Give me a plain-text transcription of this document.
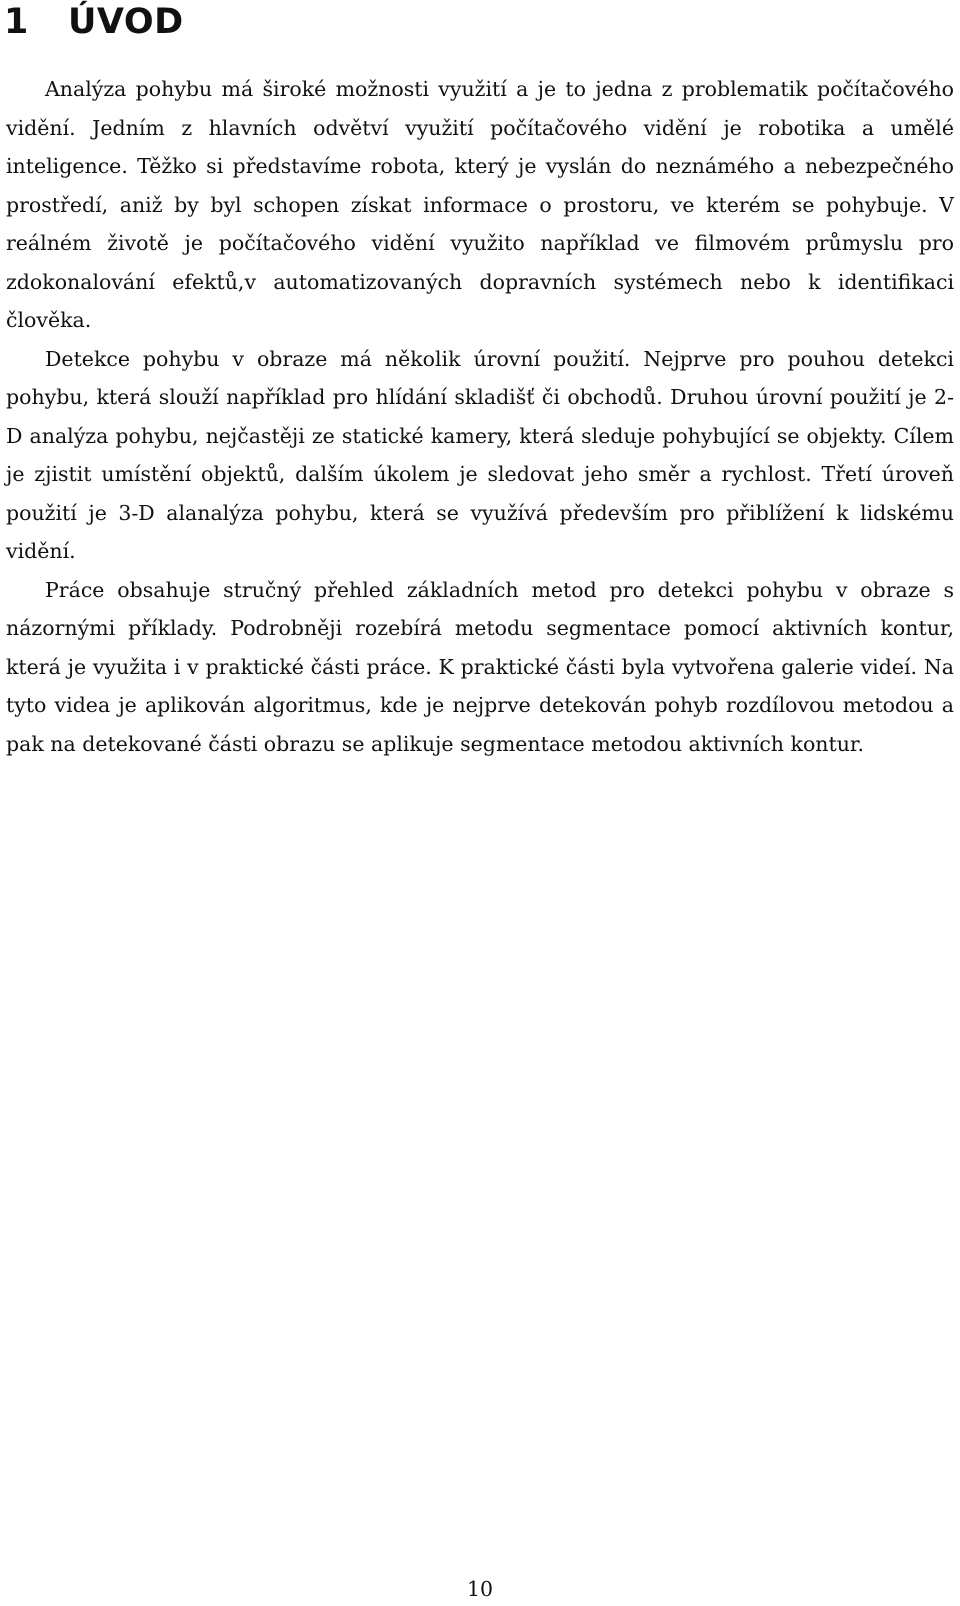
1 ÚVOD

Analýza pohybu má široké možnosti využití a je to jedna z problematik počítačového vidění. Jedním z hlavních odvětví využití počítačového vidění je robotika a umělé inteligence. Těžko si představíme robota, který je vyslán do neznámého a nebezpečného prostředí, aniž by byl schopen získat informace o prostoru, ve kterém se pohybuje. V reálném životě je počítačového vidění využito například ve filmovém průmyslu pro zdokonalování efektů,v automatizovaných dopravních systémech nebo k identifikaci člověka.

Detekce pohybu v obraze má několik úrovní použití. Nejprve pro pouhou detekci pohybu, která slouží například pro hlídání skladišť či obchodů. Druhou úrovní použití je 2-D analýza pohybu, nejčastěji ze statické kamery, která sleduje pohybující se objekty. Cílem je zjistit umístění objektů, dalším úkolem je sledovat jeho směr a rychlost. Třetí úroveň použití je 3-D alanalýza pohybu, která se využívá především pro přiblížení k lidskému vidění.

Práce obsahuje stručný přehled základních metod pro detekci pohybu v obraze s názornými příklady. Podrobněji rozebírá metodu segmentace pomocí aktivních kontur, která je využita i v praktické části práce. K praktické části byla vytvořena galerie videí. Na tyto videa je aplikován algoritmus, kde je nejprve detekován pohyb rozdílovou metodou a pak na detekované části obrazu se aplikuje segmentace metodou aktivních kontur.

10
